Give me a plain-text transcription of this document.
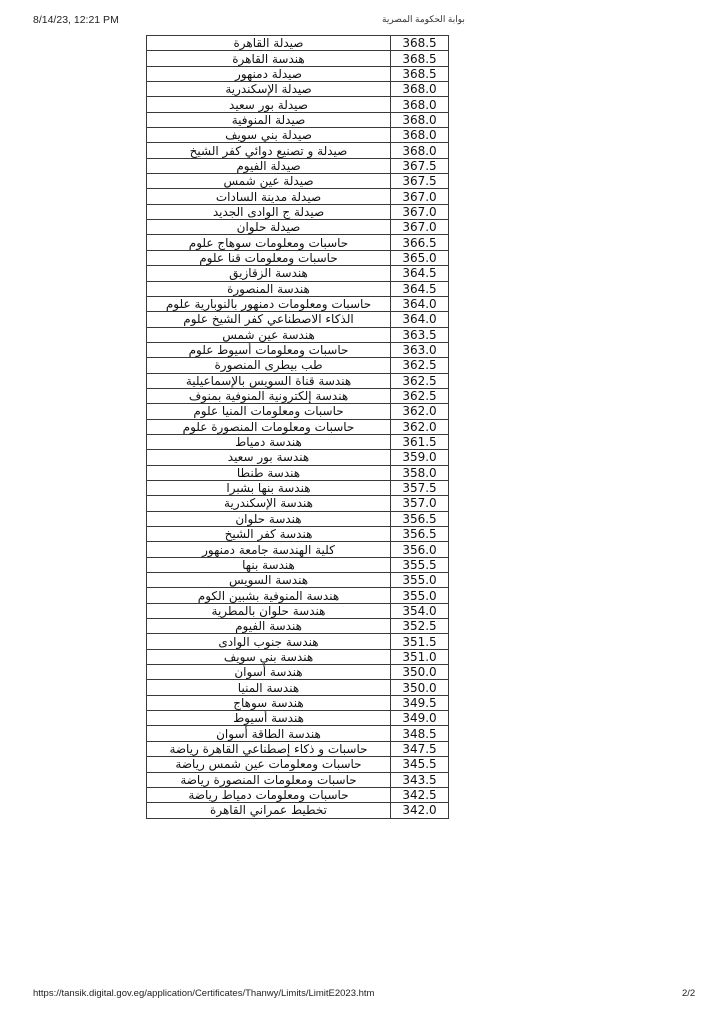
8/14/23, 12:21 PM	بوابة الحكومة المصرية
صيدلة القاهرة	368.5
هندسة القاهرة	368.5
صيدلة دمنهور	368.5
صيدلة الإسكندرية	368.0
صيدلة بور سعيد	368.0
صيدلة المنوفية	368.0
صيدلة بني سويف	368.0
صيدلة و تصنيع دوائي كفر الشيخ	368.0
صيدلة الفيوم	367.5
صيدلة عين شمس	367.5
صيدلة مدينة السادات	367.0
صيدلة ج الوادى الجديد	367.0
صيدلة حلوان	367.0
حاسبات ومعلومات سوهاج علوم	366.5
حاسبات ومعلومات قنا علوم	365.0
هندسة الزقازيق	364.5
هندسة المنصورة	364.5
حاسبات ومعلومات دمنهور بالنوبارية علوم	364.0
الذكاء الاصطناعي كفر الشيخ علوم	364.0
هندسة عين شمس	363.5
حاسبات ومعلومات أسيوط علوم	363.0
طب بيطرى المنصورة	362.5
هندسة قناة السويس بالإسماعيلية	362.5
هندسة إلكترونية المنوفية بمنوف	362.5
حاسبات ومعلومات المنيا علوم	362.0
حاسبات ومعلومات المنصورة علوم	362.0
هندسة دمياط	361.5
هندسة بور سعيد	359.0
هندسة طنطا	358.0
هندسة بنها بشبرا	357.5
هندسة الإسكندرية	357.0
هندسة حلوان	356.5
هندسة كفر الشيخ	356.5
كلية الهندسة جامعة دمنهور	356.0
هندسة بنها	355.5
هندسة السويس	355.0
هندسة المنوفية بشبين الكوم	355.0
هندسة حلوان بالمطرية	354.0
هندسة الفيوم	352.5
هندسة جنوب الوادى	351.5
هندسة بني سويف	351.0
هندسة أسوان	350.0
هندسة المنيا	350.0
هندسة سوهاج	349.5
هندسة أسيوط	349.0
هندسة الطاقة أسوان	348.5
حاسبات و ذكاء إصطناعي القاهرة رياضة	347.5
حاسبات ومعلومات عين شمس رياضة	345.5
حاسبات ومعلومات المنصورة رياضة	343.5
حاسبات ومعلومات دمياط رياضة	342.5
تخطيط عمراني القاهرة	342.0
https://tansik.digital.gov.eg/application/Certificates/Thanwy/Limits/LimitE2023.htm	2/2
